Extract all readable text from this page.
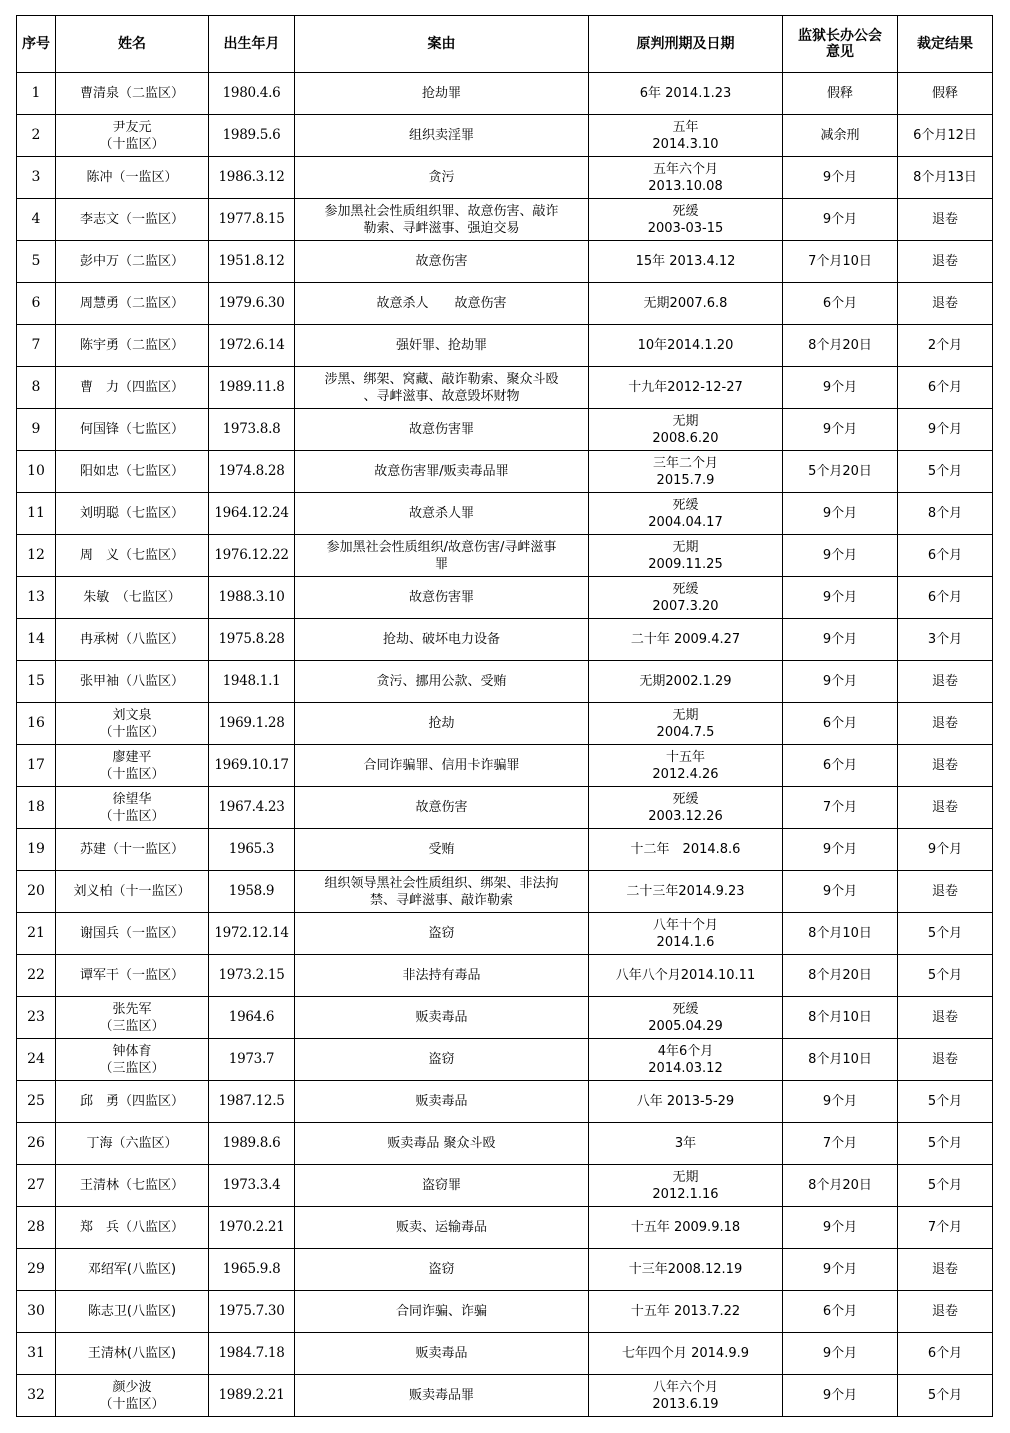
序号	姓名	出生年月	案由	原判刑期及日期	监狱长办公会
意见	裁定结果

1	曹清泉（二监区）	1980.4.6	抢劫罪	6年 2014.1.23	假释	假释

2	尹友元
（十监区）	1989.5.6	组织卖淫罪	五年
2014.3.10	减余刑	6个月12日

3	陈冲（一监区）	1986.3.12	贪污	五年六个月
2013.10.08	9个月	8个月13日

4	李志文（一监区）	1977.8.15	参加黑社会性质组织罪、故意伤害、敲诈
勒索、寻衅滋事、强迫交易	死缓
2003-03-15	9个月	退卷

5	彭中万（二监区）	1951.8.12	故意伤害	15年 2013.4.12	7个月10日	退卷

6	周慧勇（二监区）	1979.6.30	故意杀人　　故意伤害	无期2007.6.8	6个月	退卷

7	陈宇勇（二监区）	1972.6.14	强奸罪、抢劫罪	10年2014.1.20	8个月20日	2个月

8	曹　力（四监区）	1989.11.8	涉黑、绑架、窝藏、敲诈勒索、聚众斗殴
、寻衅滋事、故意毁坏财物	十九年2012-12-27	9个月	6个月

9	何国锋（七监区）	1973.8.8	故意伤害罪	无期
2008.6.20	9个月	9个月

10	阳如忠（七监区）	1974.8.28	故意伤害罪/贩卖毒品罪	三年二个月
2015.7.9	5个月20日	5个月

11	刘明聪（七监区）	1964.12.24	故意杀人罪	死缓
2004.04.17	9个月	8个月

12	周　义（七监区）	1976.12.22	参加黑社会性质组织/故意伤害/寻衅滋事
罪	无期
2009.11.25	9个月	6个月

13	朱敏　（七监区）	1988.3.10	故意伤害罪	死缓
2007.3.20	9个月	6个月

14	冉承树（八监区）	1975.8.28	抢劫、破坏电力设备	二十年 2009.4.27	9个月	3个月

15	张甲袖（八监区）	1948.1.1	贪污、挪用公款、受贿	无期2002.1.29	9个月	退卷

16	刘文泉
（十监区）	1969.1.28	抢劫	无期
2004.7.5	6个月	退卷

17	廖建平
（十监区）	1969.10.17	合同诈骗罪、信用卡诈骗罪	十五年
2012.4.26	6个月	退卷

18	徐望华
（十监区）	1967.4.23	故意伤害	死缓
2003.12.26	7个月	退卷

19	苏建（十一监区）	1965.3	受贿	十二年　2014.8.6	9个月	9个月

20	刘义柏（十一监区）	1958.9	组织领导黑社会性质组织、绑架、非法拘
禁、寻衅滋事、敲诈勒索	二十三年2014.9.23	9个月	退卷

21	谢国兵（一监区）	1972.12.14	盗窃	八年十个月
2014.1.6	8个月10日	5个月

22	谭军干（一监区）	1973.2.15	非法持有毒品	八年八个月2014.10.11	8个月20日	5个月

23	张先军
（三监区）	1964.6	贩卖毒品	死缓
2005.04.29	8个月10日	退卷

24	钟体育
（三监区）	1973.7	盗窃	4年6个月
2014.03.12	8个月10日	退卷

25	邱　勇（四监区）	1987.12.5	贩卖毒品	八年 2013-5-29	9个月	5个月

26	丁海（六监区）	1989.8.6	贩卖毒品 聚众斗殴	3年	7个月	5个月

27	王清林（七监区）	1973.3.4	盗窃罪	无期
2012.1.16	8个月20日	5个月

28	郑　兵（八监区）	1970.2.21	贩卖、运输毒品	十五年 2009.9.18	9个月	7个月

29	邓绍军(八监区)	1965.9.8	盗窃	十三年2008.12.19	9个月	退卷

30	陈志卫(八监区)	1975.7.30	合同诈骗、诈骗	十五年 2013.7.22	6个月	退卷

31	王清林(八监区)	1984.7.18	贩卖毒品	七年四个月 2014.9.9	9个月	6个月

32	颜少波
（十监区）	1989.2.21	贩卖毒品罪	八年六个月
2013.6.19	9个月	5个月
